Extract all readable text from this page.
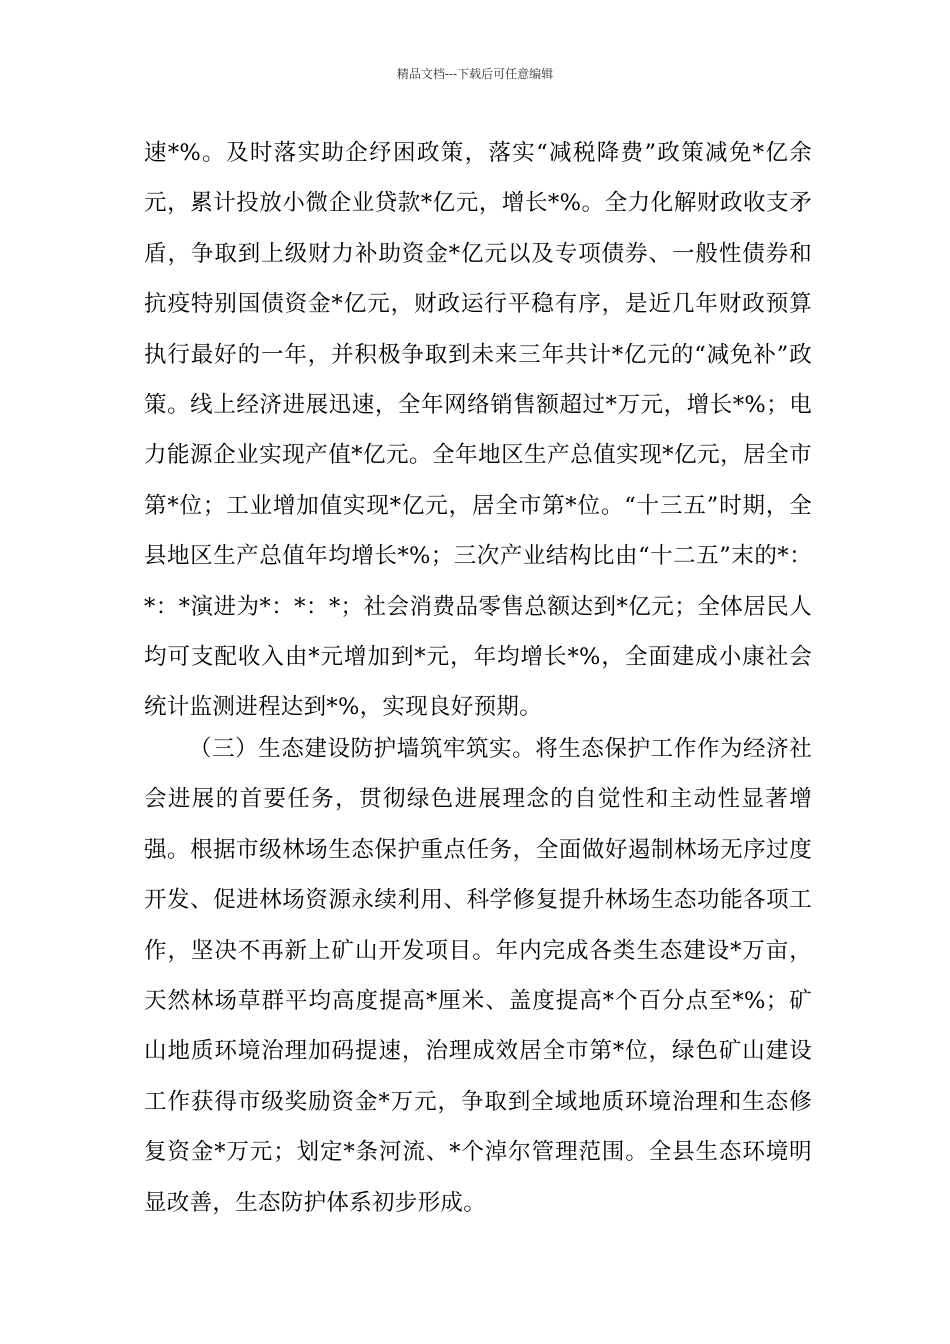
精品文档---下载后可任意编辑

速*%。及时落实助企纾困政策，落实“减税降费”政策减免*亿余元，累计投放小微企业贷款*亿元，增长*%。全力化解财政收支矛盾，争取到上级财力补助资金*亿元以及专项债券、一般性债券和抗疫特别国债资金*亿元，财政运行平稳有序，是近几年财政预算执行最好的一年，并积极争取到未来三年共计*亿元的“减免补”政策。线上经济进展迅速，全年网络销售额超过*万元，增长*%；电力能源企业实现产值*亿元。全年地区生产总值实现*亿元，居全市第*位；工业增加值实现*亿元，居全市第*位。“十三五”时期，全县地区生产总值年均增长*%；三次产业结构比由“十二五”末的*：*：*演进为*：*：*；社会消费品零售总额达到*亿元；全体居民人均可支配收入由*元增加到*元，年均增长*%，全面建成小康社会统计监测进程达到*%，实现良好预期。

（三）生态建设防护墙筑牢筑实。将生态保护工作作为经济社会进展的首要任务，贯彻绿色进展理念的自觉性和主动性显著增强。根据市级林场生态保护重点任务，全面做好遏制林场无序过度开发、促进林场资源永续利用、科学修复提升林场生态功能各项工作，坚决不再新上矿山开发项目。年内完成各类生态建设*万亩，天然林场草群平均高度提高*厘米、盖度提高*个百分点至*%；矿山地质环境治理加码提速，治理成效居全市第*位，绿色矿山建设工作获得市级奖励资金*万元，争取到全域地质环境治理和生态修复资金*万元；划定*条河流、*个淖尔管理范围。全县生态环境明显改善，生态防护体系初步形成。
